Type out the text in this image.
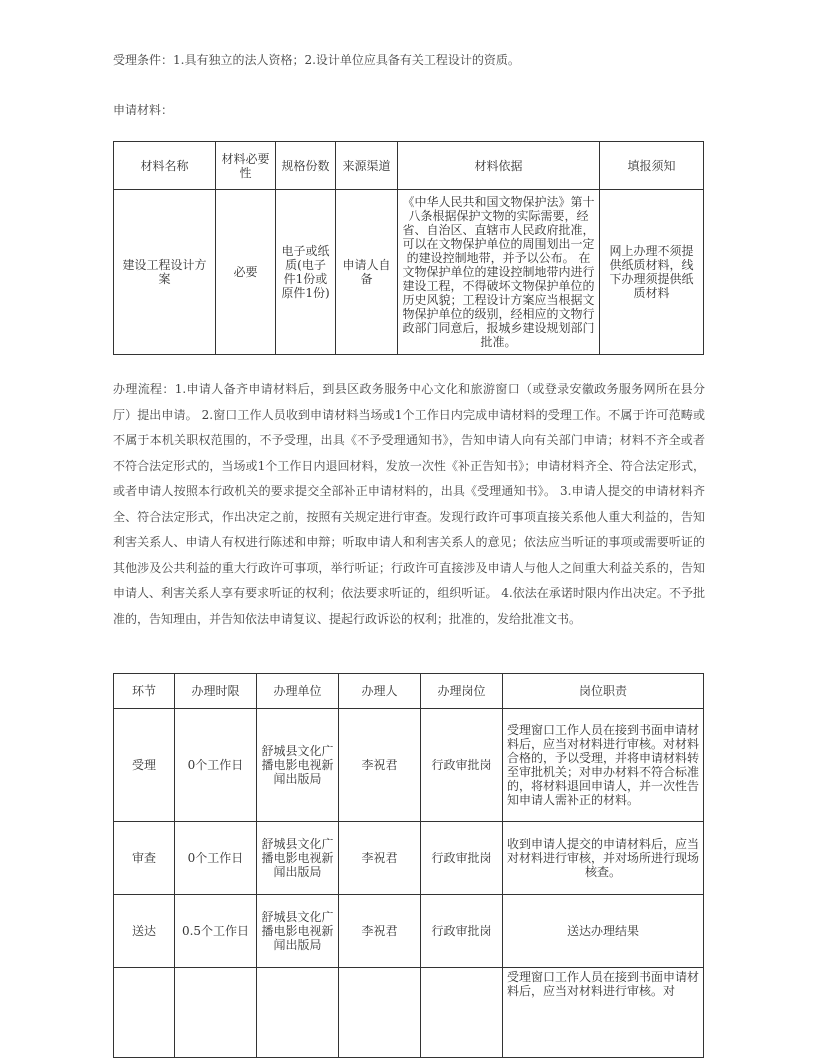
受理条件：1.具有独立的法人资格；2.设计单位应具备有关工程设计的资质。
申请材料：
材料名称	材料必要性	规格份数	来源渠道	材料依据	填报须知
建设工程设计方案	必要	电子或纸质(电子件1份或原件1份)	申请人自备	《中华人民共和国文物保护法》第十八条根据保护文物的实际需要，经省、自治区、直辖市人民政府批准，可以在文物保护单位的周围划出一定的建设控制地带，并予以公布。 在文物保护单位的建设控制地带内进行建设工程，不得破坏文物保护单位的历史风貌；工程设计方案应当根据文物保护单位的级别，经相应的文物行政部门同意后，报城乡建设规划部门批准。	网上办理不须提供纸质材料，线下办理须提供纸质材料
办理流程：1.申请人备齐申请材料后，到县区政务服务中心文化和旅游窗口（或登录安徽政务服务网所在县分厅）提出申请。 2.窗口工作人员收到申请材料当场或1个工作日内完成申请材料的受理工作。不属于许可范畴或不属于本机关职权范围的，不予受理，出具《不予受理通知书》，告知申请人向有关部门申请；材料不齐全或者不符合法定形式的，当场或1个工作日内退回材料，发放一次性《补正告知书》；申请材料齐全、符合法定形式，或者申请人按照本行政机关的要求提交全部补正申请材料的，出具《受理通知书》。 3.申请人提交的申请材料齐全、符合法定形式，作出决定之前，按照有关规定进行审查。发现行政许可事项直接关系他人重大利益的，告知利害关系人、申请人有权进行陈述和申辩；听取申请人和利害关系人的意见；依法应当听证的事项或需要听证的其他涉及公共利益的重大行政许可事项，举行听证；行政许可直接涉及申请人与他人之间重大利益关系的，告知申请人、利害关系人享有要求听证的权利；依法要求听证的，组织听证。 4.依法在承诺时限内作出决定。不予批准的，告知理由，并告知依法申请复议、提起行政诉讼的权利；批准的，发给批准文书。
环节	办理时限	办理单位	办理人	办理岗位	岗位职责
受理	0个工作日	舒城县文化广播电影电视新闻出版局	李祝君	行政审批岗	受理窗口工作人员在接到书面申请材料后，应当对材料进行审核。对材料合格的，予以受理，并将申请材料转至审批机关；对申办材料不符合标准的，将材料退回申请人，并一次性告知申请人需补正的材料。
审查	0个工作日	舒城县文化广播电影电视新闻出版局	李祝君	行政审批岗	收到申请人提交的申请材料后，应当对材料进行审核，并对场所进行现场核查。
送达	0.5个工作日	舒城县文化广播电影电视新闻出版局	李祝君	行政审批岗	送达办理结果
					受理窗口工作人员在接到书面申请材料后，应当对材料进行审核。对
